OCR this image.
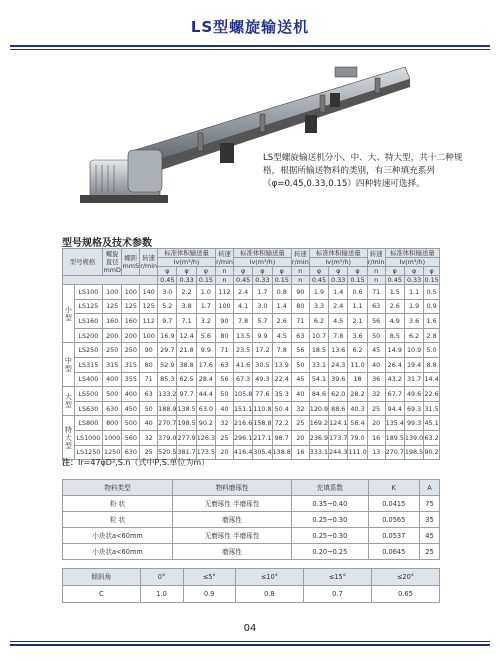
LS型螺旋输送机
LS型螺旋输送机分小、中、大、特大型，共十二种规格，根据所输送物料的类别，有三种填充系列（φ=0.45,0.33,0.15）四种转速可选择。
型号规格及技术参数
型号规格		螺旋直径mmD	螺距mmS	转速r/min	标准体积输送量			转速r/min	标准体积输送量			转速r/min	标准体积输送量			转速r/min	标准体积输送量		
					Iv(m³/h)				Iv(m³/h)				Iv(m³/h)				Iv(m³/h)		
					φ	φ	φ	n	φ	φ	φ	n	φ	φ	φ	n	φ	φ	φ
					0.45	0.33	0.15	n	0.45	0.33	0.15	n	0.45	0.33	0.15	n	0.45	0.33	0.15
小型	LS100	100	100	140	3.0	2.2	1.0	112	2.4	1.7	0.8	90	1.9	1.4	0.6	71	1.5	1.1	0.5
	LS125	125	125	125	5.2	3.8	1.7	100	4.1	3.0	1.4	80	3.3	2.4	1.1	63	2.6	1.9	0.9
	LS160	160	160	112	9.7	7.1	3.2	90	7.8	5.7	2.6	71	6.2	4.5	2.1	56	4.9	3.6	1.6
	LS200	200	200	100	16.9	12.4	5.6	80	13.5	9.9	4.5	63	10.7	7.8	3.6	50	8.5	6.2	2.8
中型	LS250	250	250	90	29.7	21.8	9.9	71	23.5	17.2	7.8	56	18.5	13.6	6.2	45	14.9	10.9	5.0
	LS315	315	315	80	52.9	38.8	17.6	63	41.6	30.5	13.9	50	33.1	24.3	11.0	40	26.4	19.4	8.8
	LS400	400	355	71	85.3	62.5	28.4	56	67.3	49.3	22.4	45	54.1	39.6	18	36	43.2	31.7	14.4
大型	LS500	500	400	63	133.2	97.7	44.4	50	105.8	77.6	35.3	40	84.6	62.0	28.2	32	67.7	49.6	22.6
	LS630	630	450	50	188.9	138.5	63.0	40	151.1	110.8	50.4	32	120.9	88.6	40.3	25	94.4	69.3	31.5
特大型	LS800	800	500	40	270.7	198.5	90.2	32	216.6	158.8	72.2	25	169.2	124.1	56.4	20	135.4	99.3	45.1
	LS1000	1000	560	32	379.0	277.9	126.3	25	296.1	217.1	98.7	20	236.9	173.7	79.0	16	189.5	139.0	63.2
	LS1250	1250	630	25	520.5	381.7	173.5	20	416.4	305.4	138.8	16	333.1	244.3	111.0	13	270.7	198.5	90.2
注：Ir=47φD²,S.n（式中P,S.单位为m）
物料类型	物料磨琢性	充填系数	K	A
粉 状	无磨琢性 半磨琢性	0.35~0.40	0.0415	75
粒 状	磨琢性	0.25~0.30	0.0565	35
小块状a<60mm	无磨琢性 半磨琢性	0.25~0.30	0.0537	45
小块状a<60mm	磨琢性	0.20~0.25	0.0645	25
倾斜角	0°	≤5°	≤10°	≤15°	≤20°
C	1.0	0.9	0.8	0.7	0.65
04
